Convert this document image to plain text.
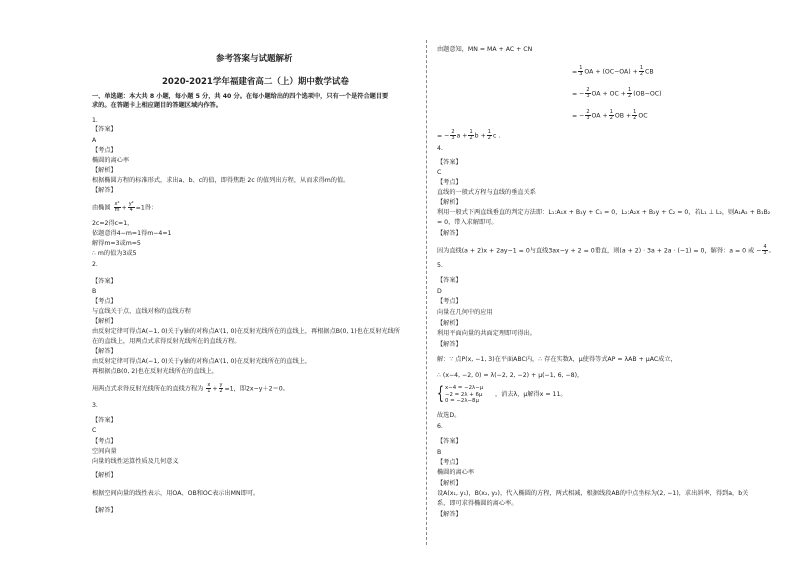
参考答案与试题解析
2020-2021学年福建省高二（上）期中数学试卷
一、单选题：本大共 8 小题，每小题 5 分，共 40 分。在每小题给出的四个选项中，只有一个是符合题目要
求的。在答题卡上相应题目的答题区域内作答。
1.
【答案】
A
【考点】
椭圆的离心率
【解析】
根据椭圆方程的标准形式，求出a、b、c的值，即得焦距 2c 的值列出方程，从而求得m的值。
【解答】
由椭圆 $\frac{\text{x²}}{m} + \frac{\text{y²}}{4} =1$得：
2c=2得c=1，
依题意得4−m=1得m−4=1
解得m=3或m=5
∴ m的值为3或5
2.
【答案】
B
【考点】
与直线关于点、直线对称的直线方程
【解析】
由反射定律可得点A(−1, 0)关于y轴的对称点A′(1, 0)在反射光线所在的直线上，再根据点B(0, 1)也在反射光线所
在的直线上，用两点式求得反射光线所在的直线方程。
【解答】
由反射定律可得点A(−1, 0)关于y轴的对称点A′(1, 0)在反射光线所在的直线上，
再根据点B(0, 2)也在反射光线所在的直线上，
用两点式求得反射光线所在的直线方程为 $\frac{x}{1} + \frac{y}{2} =1$，即2x−y＋2＝0。
3.
【答案】
C
【考点】
空间向量
向量的线性运算性质及几何意义
【解析】
根据空间向量的线性表示，用OA、OB和OC表示出MN即可。
【解答】
由题意知，MN = MA + AC + CN
= $\frac{1}{3}$ OA + $(OC-OA) + \frac{1}{2}$ CB
= − $\frac{2}{3}$ OA + OC + $\frac{1}{2} (OB-OC)$
= − $\frac{2}{3}$ OA + $\frac{1}{2}$ OB + $\frac{1}{2}$ OC
= − $\frac{2}{3}$ $a + \frac{1}{2}$ $b + \frac{1}{2}$ c .
4.
【答案】
C
【考点】
直线的一般式方程与直线的垂直关系
【解析】
利用一般式下两直线垂直的判定方法即：L₁:A₁x + B₁y + C₁ = 0，L₂:A₂x + B₂y + C₂ = 0，若L₁ ⊥ L₂，则A₁A₂ + B₁B₂
= 0，带入求解即可。
【解答】
因为直线(a + 2)x + 2ay−1 = 0与直线3ax−y + 2 = 0垂直，则(a + 2) · 3a + 2a · (−1) = 0，解得：a = 0 或 − $\frac{4}{3}$ 。
5.
【答案】
D
【考点】
向量在几何中的应用
【解析】
利用平面向量的共面定理即可得出。
【解答】
解：∵ 点P(x, −1, 3)在平面ABC内，∴ 存在实数λ，μ使得等式AP = λAB + μAC成立，
∴ (x−4, −2, 0) = λ(−2, 2, −2) + μ(−1, 6, −8)，
{ x−4 = −2λ−μ
−2 = 2λ + 6μ
0 = −2λ−8μ
，消去λ，μ解得x = 11。
故选D。
6.
【答案】
B
【考点】
椭圆的离心率
【解析】
设A(x₁, y₁)，B(x₂, y₂)，代入椭圆的方程，两式相减，根据线段AB的中点坐标为(2, −1)，求出斜率，得到a，b关
系，即可求得椭圆的离心率。
【解答】
